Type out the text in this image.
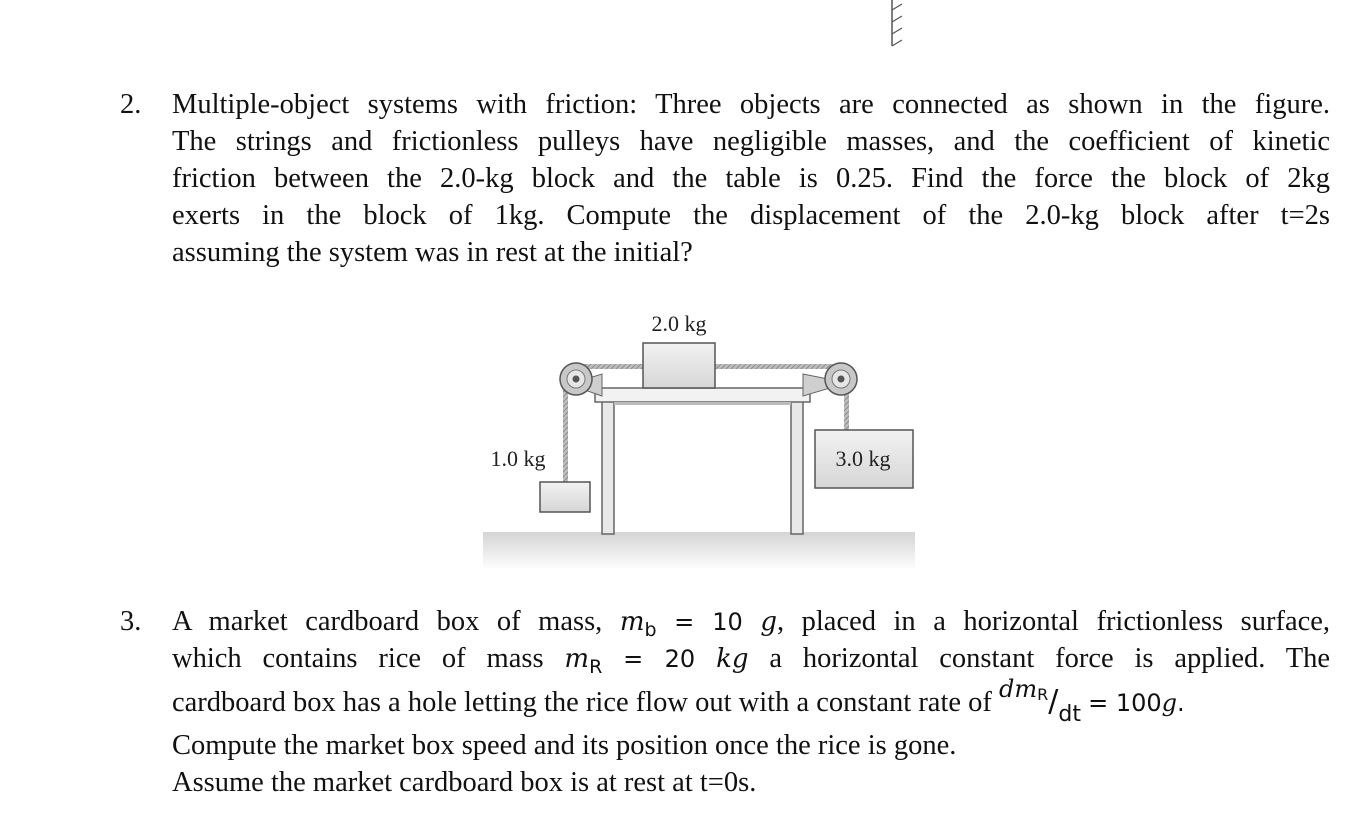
2. Multiple-object systems with friction: Three objects are connected as shown in the figure.
The strings and frictionless pulleys have negligible masses, and the coefficient of kinetic
friction between the 2.0-kg block and the table is 0.25. Find the force the block of 2kg
exerts in the block of 1kg. Compute the displacement of the 2.0-kg block after t=2s
assuming the system was in rest at the initial?
2.0 kg
1.0 kg	3.0 kg
3. A market cardboard box of mass, $m_b = 10$ g, placed in a horizontal frictionless surface,
which contains rice of mass $m_R = 20$ kg a horizontal constant force is applied. The
cardboard box has a hole letting the rice flow out with a constant rate of dmR/dt = 100g.
Compute the market box speed and its position once the rice is gone.
Assume the market cardboard box is at rest at t=0s.
